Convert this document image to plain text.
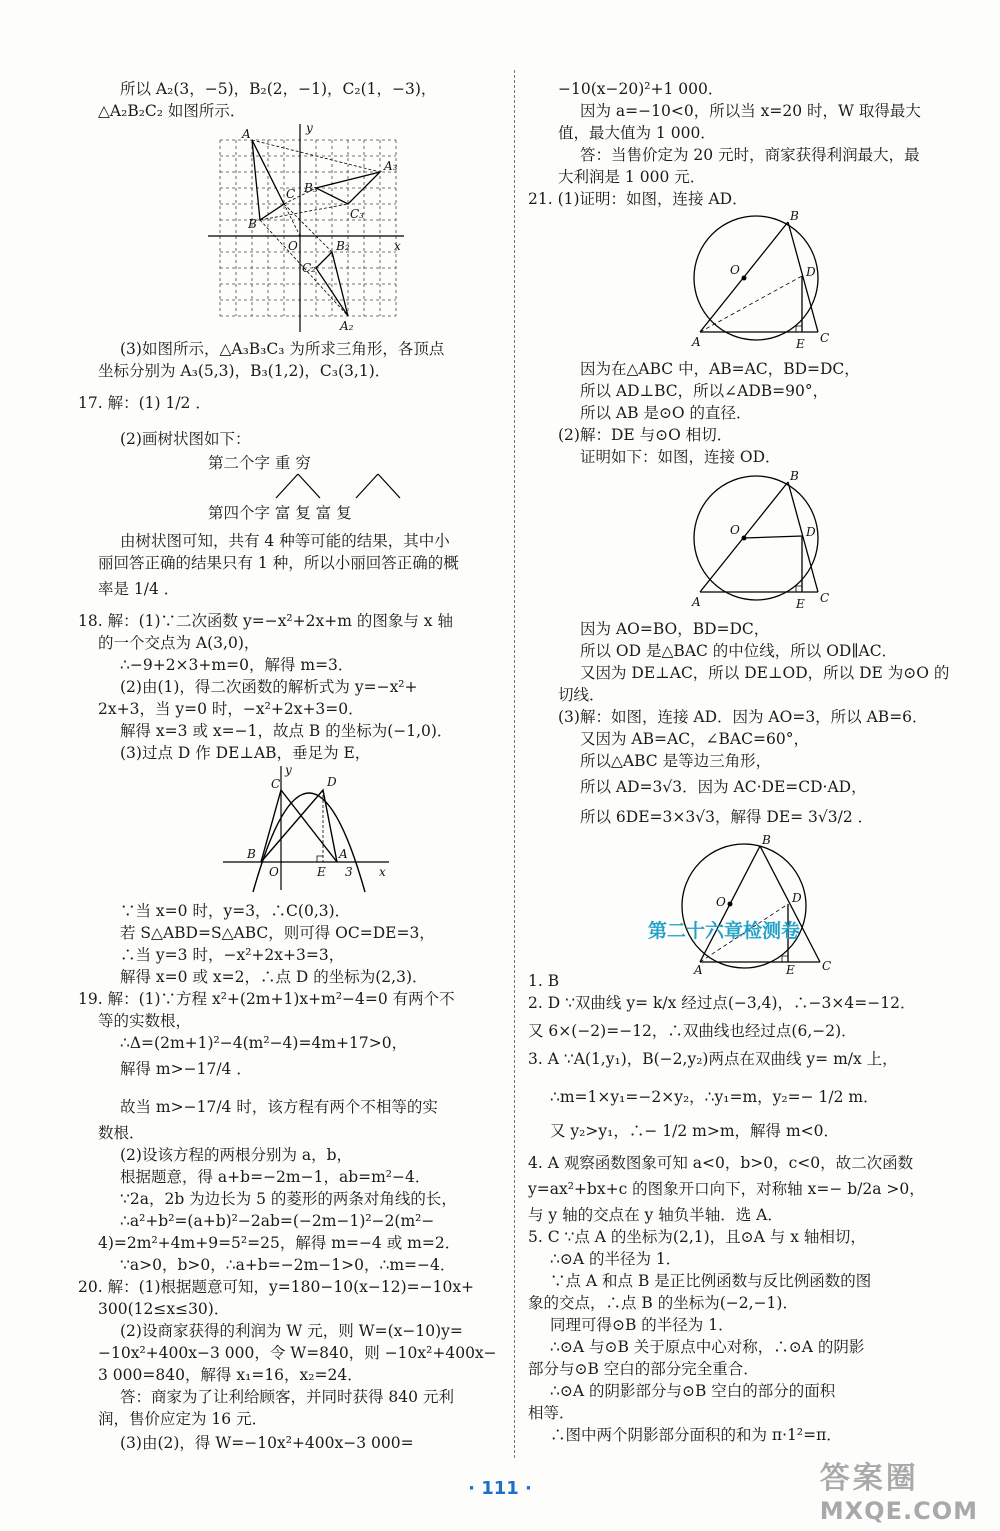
A	y
A₃
C B₃
B
C₃
O	B₂	x
C₂
A₂
C	D
B	A
O	E 3 x
y
所以 A₂(3，−5)，B₂(2，−1)，C₂(1，−3)，
△A₂B₂C₂ 如图所示．
(3)如图所示，△A₃B₃C₃ 为所求三角形，各顶点
坐标分别为 A₃(5,3)，B₃(1,2)，C₃(3,1)．
17. 解：(1) 1/2 ．
(2)画树状图如下：
第二个字 重 穷
第四个字 富 复 富 复
由树状图可知，共有 4 种等可能的结果，其中小
丽回答正确的结果只有 1 种，所以小丽回答正确的概
率是 1/4 ．
18. 解：(1)∵二次函数 y=−x²+2x+m 的图象与 x 轴
的一个交点为 A(3,0)，
∴−9+2×3+m=0，解得 m=3．
(2)由(1)，得二次函数的解析式为 y=−x²+
2x+3，当 y=0 时，−x²+2x+3=0．
解得 x=3 或 x=−1，故点 B 的坐标为(−1,0)．
(3)过点 D 作 DE⊥AB，垂足为 E，
∵当 x=0 时，y=3，∴C(0,3)．
若 S△ABD=S△ABC，则可得 OC=DE=3，
∴当 y=3 时，−x²+2x+3=3，
解得 x=0 或 x=2，∴点 D 的坐标为(2,3)．
19. 解：(1)∵方程 x²+(2m+1)x+m²−4=0 有两个不
等的实数根，
∴Δ=(2m+1)²−4(m²−4)=4m+17>0，
解得 m>−17/4 ．
故当 m>−17/4 时，该方程有两个不相等的实
数根．
(2)设该方程的两根分别为 a，b，
根据题意，得 a+b=−2m−1，ab=m²−4．
∵2a，2b 为边长为 5 的菱形的两条对角线的长，
∴a²+b²=(a+b)²−2ab=(−2m−1)²−2(m²−
4)=2m²+4m+9=5²=25，解得 m=−4 或 m=2．
∵a>0，b>0，∴a+b=−2m−1>0，∴m=−4．
20. 解：(1)根据题意可知，y=180−10(x−12)=−10x+
300(12≤x≤30)．
(2)设商家获得的利润为 W 元，则 W=(x−10)y=
−10x²+400x−3 000，令 W=840，则 −10x²+400x−
3 000=840，解得 x₁=16，x₂=24．
答：商家为了让利给顾客，并同时获得 840 元利
润，售价应定为 16 元．
(3)由(2)，得 W=−10x²+400x−3 000=
B
O	D
A	E C
B
O	D
A	E C
B
O	D
A	E C
第二十六章检测卷
−10(x−20)²+1 000．
因为 a=−10<0，所以当 x=20 时，W 取得最大
值，最大值为 1 000．
答：当售价定为 20 元时，商家获得利润最大，最
大利润是 1 000 元．
21. (1)证明：如图，连接 AD．
因为在△ABC 中，AB=AC，BD=DC，
所以 AD⊥BC，所以∠ADB=90°，
所以 AB 是⊙O 的直径．
(2)解：DE 与⊙O 相切．
证明如下：如图，连接 OD．
因为 AO=BO，BD=DC，
所以 OD 是△BAC 的中位线，所以 OD∥AC．
又因为 DE⊥AC，所以 DE⊥OD，所以 DE 为⊙O 的
切线．
(3)解：如图，连接 AD．因为 AO=3，所以 AB=6．
又因为 AB=AC，∠BAC=60°，
所以△ABC 是等边三角形，
所以 AD=3√3．因为 AC·DE=CD·AD，
所以 6DE=3×3√3，解得 DE= 3√3/2 ．
1. B
2. D ∵双曲线 y= k/x 经过点(−3,4)，∴−3×4=−12．
又 6×(−2)=−12，∴双曲线也经过点(6,−2)．
3. A ∵A(1,y₁)，B(−2,y₂)两点在双曲线 y= m/x 上，
∴m=1×y₁=−2×y₂，∴y₁=m，y₂=− 1/2 m．
又 y₂>y₁，∴− 1/2 m>m，解得 m<0．
4. A 观察函数图象可知 a<0，b>0，c<0，故二次函数
y=ax²+bx+c 的图象开口向下，对称轴 x=− b/2a >0，
与 y 轴的交点在 y 轴负半轴．选 A．
5. C ∵点 A 的坐标为(2,1)，且⊙A 与 x 轴相切，
∴⊙A 的半径为 1．
∵点 A 和点 B 是正比例函数与反比例函数的图
象的交点，∴点 B 的坐标为(−2,−1)．
同理可得⊙B 的半径为 1．
∴⊙A 与⊙B 关于原点中心对称，∴⊙A 的阴影
部分与⊙B 空白的部分完全重合．
∴⊙A 的阴影部分与⊙B 空白的部分的面积
相等．
∴图中两个阴影部分面积的和为 π·1²=π．
· 111 ·	答案圈
MXQE.COM
